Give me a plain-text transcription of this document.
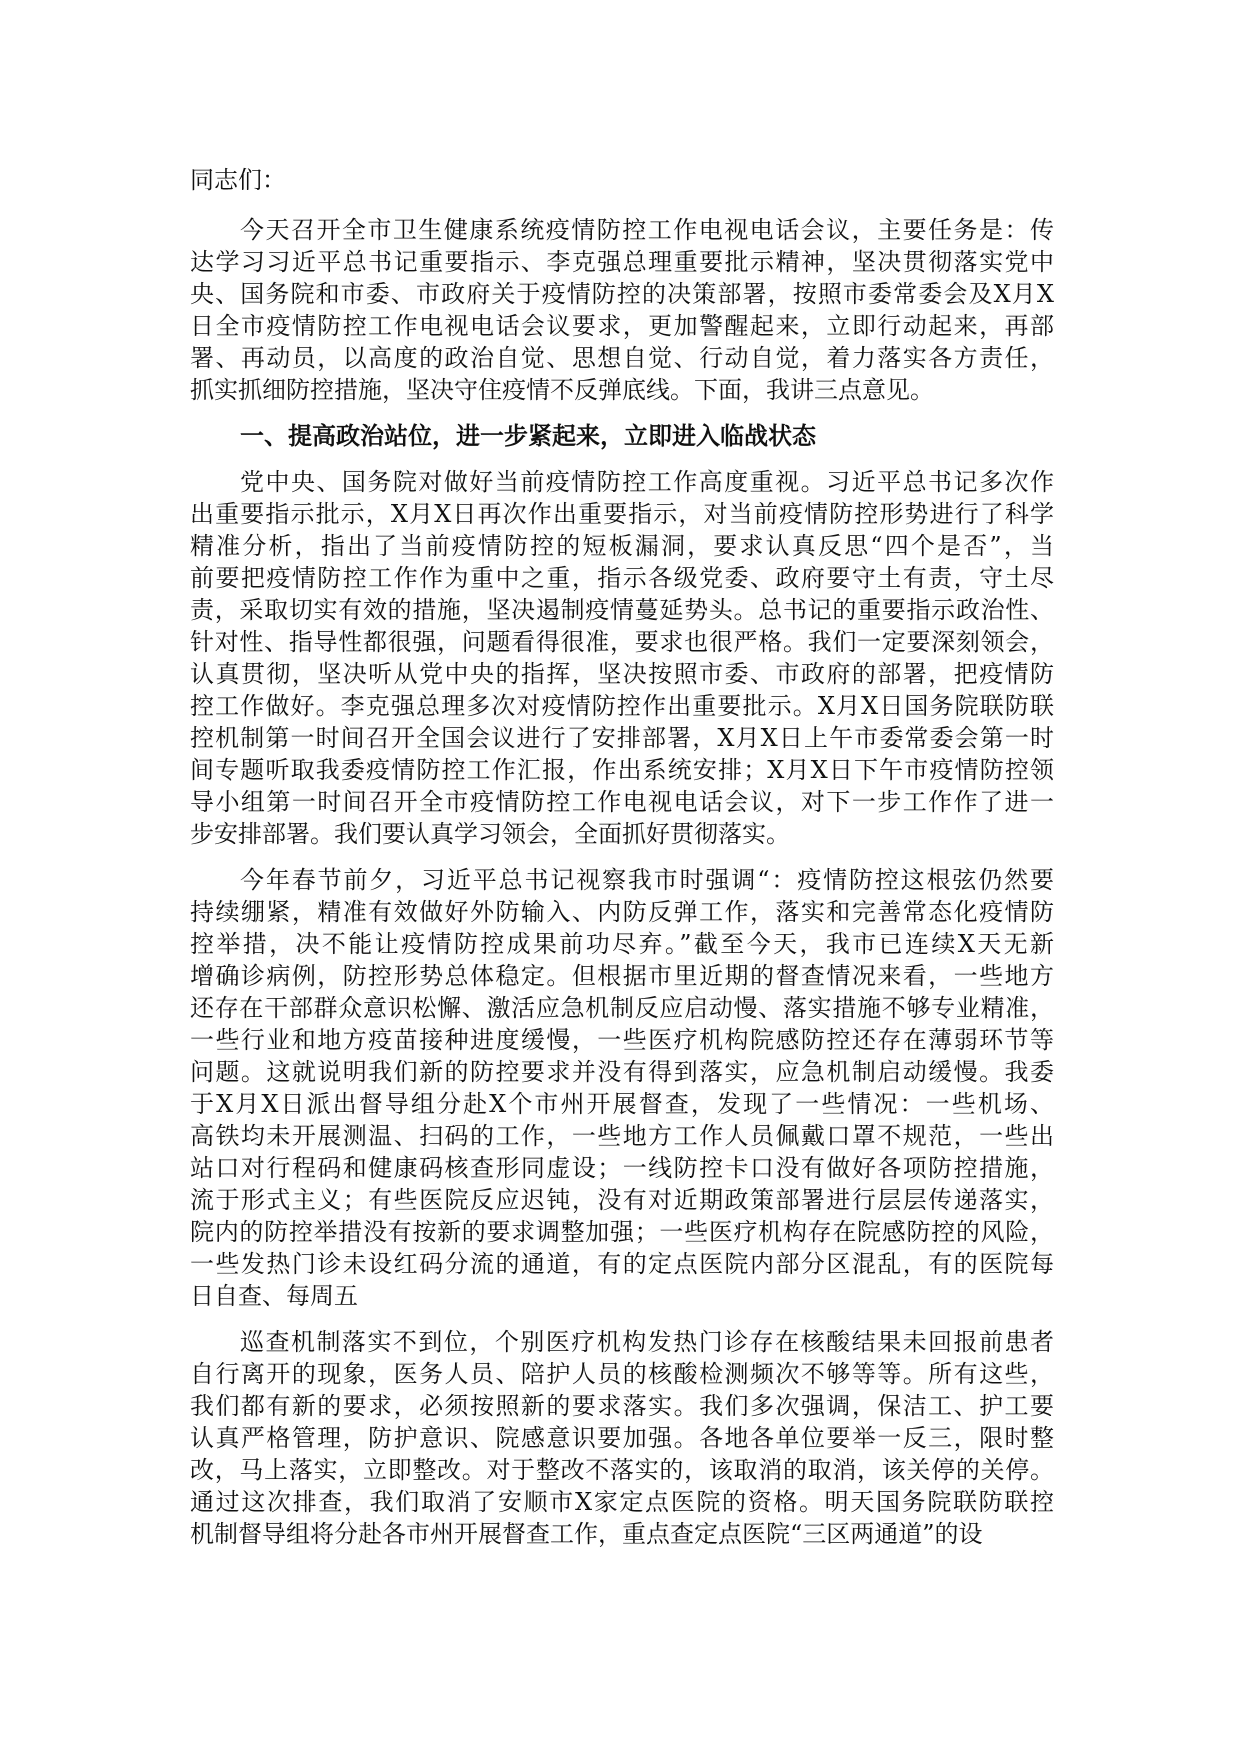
同志们：
今天召开全市卫生健康系统疫情防控工作电视电话会议，主要任务是：传
达学习习近平总书记重要指示、李克强总理重要批示精神，坚决贯彻落实党中
央、国务院和市委、市政府关于疫情防控的决策部署，按照市委常委会及X月X
日全市疫情防控工作电视电话会议要求，更加警醒起来，立即行动起来，再部
署、再动员，以高度的政治自觉、思想自觉、行动自觉，着力落实各方责任，
抓实抓细防控措施，坚决守住疫情不反弹底线。下面，我讲三点意见。
一、提高政治站位，进一步紧起来，立即进入临战状态
党中央、国务院对做好当前疫情防控工作高度重视。习近平总书记多次作
出重要指示批示，X月X日再次作出重要指示，对当前疫情防控形势进行了科学
精准分析，指出了当前疫情防控的短板漏洞，要求认真反思“四个是否”，当
前要把疫情防控工作作为重中之重，指示各级党委、政府要守土有责，守土尽
责，采取切实有效的措施，坚决遏制疫情蔓延势头。总书记的重要指示政治性、
针对性、指导性都很强，问题看得很准，要求也很严格。我们一定要深刻领会，
认真贯彻，坚决听从党中央的指挥，坚决按照市委、市政府的部署，把疫情防
控工作做好。李克强总理多次对疫情防控作出重要批示。X月X日国务院联防联
控机制第一时间召开全国会议进行了安排部署，X月X日上午市委常委会第一时
间专题听取我委疫情防控工作汇报，作出系统安排；X月X日下午市疫情防控领
导小组第一时间召开全市疫情防控工作电视电话会议，对下一步工作作了进一
步安排部署。我们要认真学习领会，全面抓好贯彻落实。
今年春节前夕，习近平总书记视察我市时强调“：疫情防控这根弦仍然要
持续绷紧，精准有效做好外防输入、内防反弹工作，落实和完善常态化疫情防
控举措，决不能让疫情防控成果前功尽弃。”截至今天，我市已连续X天无新
增确诊病例，防控形势总体稳定。但根据市里近期的督查情况来看，一些地方
还存在干部群众意识松懈、激活应急机制反应启动慢、落实措施不够专业精准，
一些行业和地方疫苗接种进度缓慢，一些医疗机构院感防控还存在薄弱环节等
问题。这就说明我们新的防控要求并没有得到落实，应急机制启动缓慢。我委
于X月X日派出督导组分赴X个市州开展督查，发现了一些情况：一些机场、
高铁均未开展测温、扫码的工作，一些地方工作人员佩戴口罩不规范，一些出
站口对行程码和健康码核查形同虚设；一线防控卡口没有做好各项防控措施，
流于形式主义；有些医院反应迟钝，没有对近期政策部署进行层层传递落实，
院内的防控举措没有按新的要求调整加强；一些医疗机构存在院感防控的风险，
一些发热门诊未设红码分流的通道，有的定点医院内部分区混乱，有的医院每
日自查、每周五
巡查机制落实不到位，个别医疗机构发热门诊存在核酸结果未回报前患者
自行离开的现象，医务人员、陪护人员的核酸检测频次不够等等。所有这些，
我们都有新的要求，必须按照新的要求落实。我们多次强调，保洁工、护工要
认真严格管理，防护意识、院感意识要加强。各地各单位要举一反三，限时整
改，马上落实，立即整改。对于整改不落实的，该取消的取消，该关停的关停。
通过这次排查，我们取消了安顺市X家定点医院的资格。明天国务院联防联控
机制督导组将分赴各市州开展督查工作，重点查定点医院“三区两通道”的设
